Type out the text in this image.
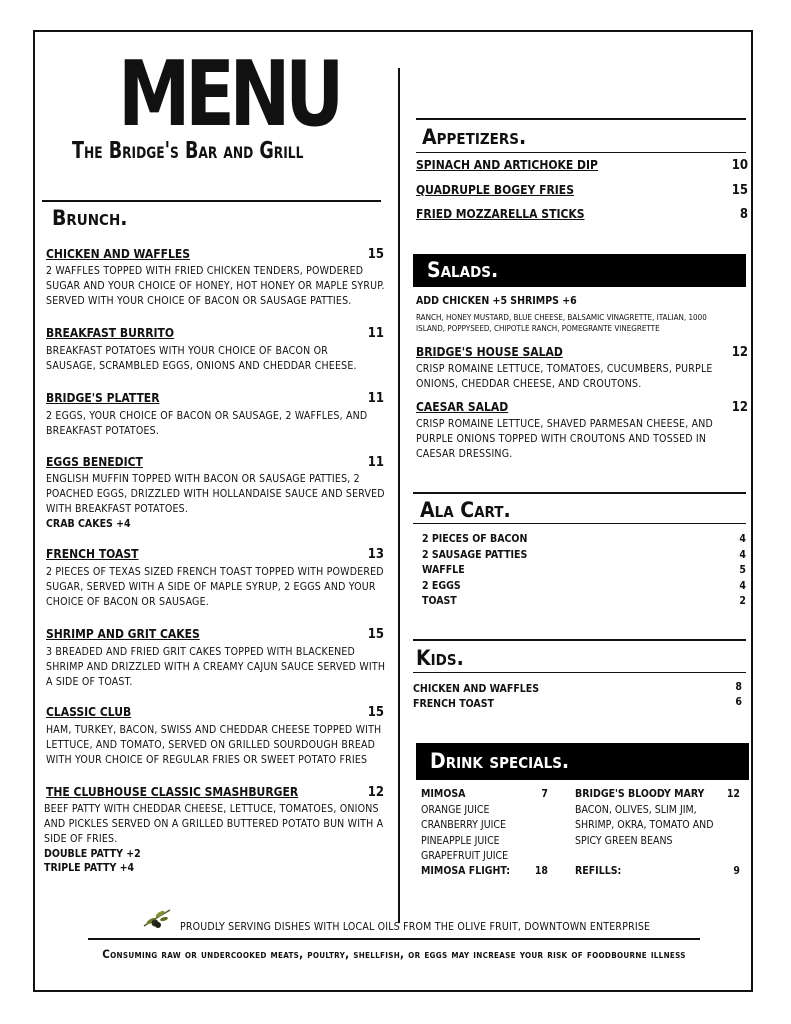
MENU
The Bridge's Bar and Grill
Brunch.
CHICKEN AND WAFFLES	15
2 WAFFLES TOPPED WITH FRIED CHICKEN TENDERS, POWDERED SUGAR AND YOUR CHOICE OF HONEY, HOT HONEY OR MAPLE SYRUP. SERVED WITH YOUR CHOICE OF BACON OR SAUSAGE PATTIES.
BREAKFAST BURRITO	11
BREAKFAST POTATOES WITH YOUR CHOICE OF BACON OR SAUSAGE, SCRAMBLED EGGS, ONIONS AND CHEDDAR CHEESE.
BRIDGE'S PLATTER	11
2 EGGS, YOUR CHOICE OF BACON OR SAUSAGE, 2 WAFFLES, AND BREAKFAST POTATOES.
EGGS BENEDICT	11
ENGLISH MUFFIN TOPPED WITH BACON OR SAUSAGE PATTIES, 2 POACHED EGGS, DRIZZLED WITH HOLLANDAISE SAUCE AND SERVED WITH BREAKFAST POTATOES.
CRAB CAKES +4
FRENCH TOAST	13
2 PIECES OF TEXAS SIZED FRENCH TOAST TOPPED WITH POWDERED SUGAR, SERVED WITH A SIDE OF MAPLE SYRUP, 2 EGGS AND YOUR CHOICE OF BACON OR SAUSAGE.
SHRIMP AND GRIT CAKES	15
3 BREADED AND FRIED GRIT CAKES TOPPED WITH BLACKENED SHRIMP AND DRIZZLED WITH A CREAMY CAJUN SAUCE SERVED WITH A SIDE OF TOAST.
CLASSIC CLUB	15
HAM, TURKEY, BACON, SWISS AND CHEDDAR CHEESE TOPPED WITH LETTUCE, AND TOMATO, SERVED ON GRILLED SOURDOUGH BREAD WITH YOUR CHOICE OF REGULAR FRIES OR SWEET POTATO FRIES
THE CLUBHOUSE CLASSIC SMASHBURGER	12
BEEF PATTY WITH CHEDDAR CHEESE, LETTUCE, TOMATOES, ONIONS AND PICKLES SERVED ON A GRILLED BUTTERED POTATO BUN WITH A SIDE OF FRIES.
DOUBLE PATTY +2
TRIPLE PATTY +4
Appetizers.
SPINACH AND ARTICHOKE DIP	10
QUADRUPLE BOGEY FRIES	15
FRIED MOZZARELLA STICKS	8
Salads.
ADD CHICKEN +5 SHRIMPS +6
RANCH, HONEY MUSTARD, BLUE CHEESE, BALSAMIC VINAGRETTE, ITALIAN, 1000 ISLAND, POPPYSEED, CHIPOTLE RANCH, POMEGRANTE VINEGRETTE
BRIDGE'S HOUSE SALAD	12
CRISP ROMAINE LETTUCE, TOMATOES, CUCUMBERS, PURPLE ONIONS, CHEDDAR CHEESE, AND CROUTONS.
CAESAR SALAD	12
CRISP ROMAINE LETTUCE, SHAVED PARMESAN CHEESE, AND PURPLE ONIONS TOPPED WITH CROUTONS AND TOSSED IN CAESAR DRESSING.
Ala Cart.
2 PIECES OF BACON	4
2 SAUSAGE PATTIES	4
WAFFLE	5
2 EGGS	4
TOAST	2
Kids.
CHICKEN AND WAFFLES	8
FRENCH TOAST	6
Drink specials.
MIMOSA	7
ORANGE JUICE
CRANBERRY JUICE
PINEAPPLE JUICE
GRAPEFRUIT JUICE
MIMOSA FLIGHT:	18
BRIDGE'S BLOODY MARY	12
BACON, OLIVES, SLIM JIM, SHRIMP, OKRA, TOMATO AND SPICY GREEN BEANS
REFILLS:	9
PROUDLY SERVING DISHES WITH LOCAL OILS FROM THE OLIVE FRUIT, DOWNTOWN ENTERPRISE
Consuming raw or undercooked meats, poultry, shellfish, or eggs may increase your risk of foodbourne illness
